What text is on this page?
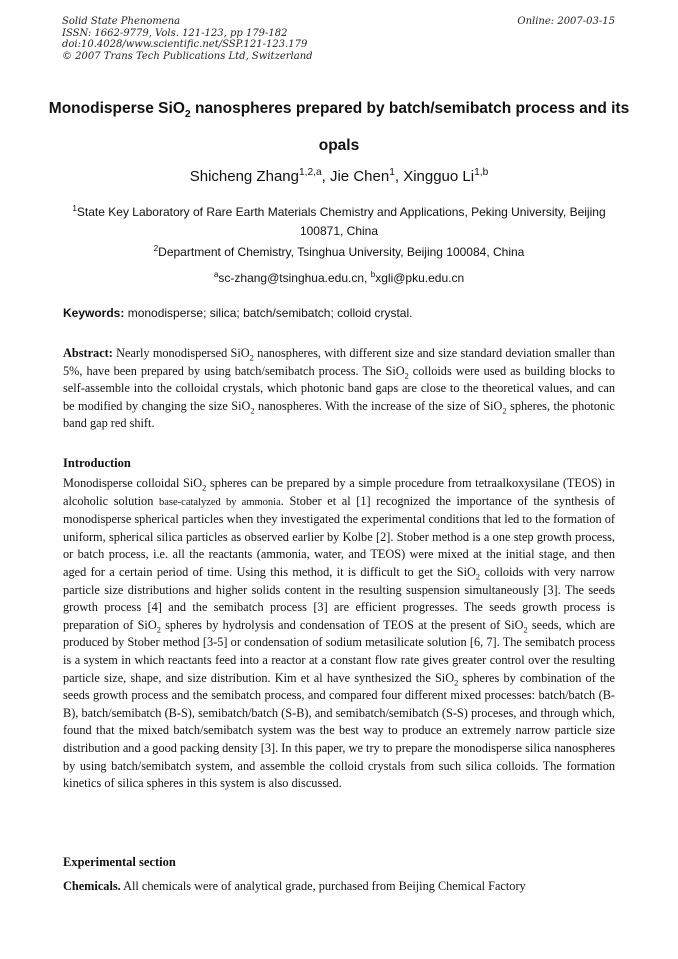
Solid State Phenomena
ISSN: 1662-9779, Vols. 121-123, pp 179-182
doi:10.4028/www.scientific.net/SSP.121-123.179
© 2007 Trans Tech Publications Ltd, Switzerland
Online: 2007-03-15
Monodisperse SiO$_2$ nanospheres prepared by batch/semibatch process and its opals
Shicheng Zhang$^{1,2,a}$, Jie Chen$^1$, Xingguo Li$^{1,b}$
$^1$State Key Laboratory of Rare Earth Materials Chemistry and Applications, Peking University, Beijing 100871, China
$^2$Department of Chemistry, Tsinghua University, Beijing 100084, China
$^a$sc-zhang@tsinghua.edu.cn, $^b$xgli@pku.edu.cn
Keywords: monodisperse; silica; batch/semibatch; colloid crystal.
Abstract: Nearly monodispersed SiO$_2$ nanospheres, with different size and size standard deviation smaller than 5%, have been prepared by using batch/semibatch process. The SiO$_2$ colloids were used as building blocks to self-assemble into the colloidal crystals, which photonic band gaps are close to the theoretical values, and can be modified by changing the size SiO$_2$ nanospheres. With the increase of the size of SiO$_2$ spheres, the photonic band gap red shift.
Introduction
Monodisperse colloidal SiO$_2$ spheres can be prepared by a simple procedure from tetraalkoxysilane (TEOS) in alcoholic solution base-catalyzed by ammonia. Stober et al [1] recognized the importance of the synthesis of monodisperse spherical particles when they investigated the experimental conditions that led to the formation of uniform, spherical silica particles as observed earlier by Kolbe [2]. Stober method is a one step growth process, or batch process, i.e. all the reactants (ammonia, water, and TEOS) were mixed at the initial stage, and then aged for a certain period of time. Using this method, it is difficult to get the SiO$_2$ colloids with very narrow particle size distributions and higher solids content in the resulting suspension simultaneously [3]. The seeds growth process [4] and the semibatch process [3] are efficient progresses. The seeds growth process is preparation of SiO$_2$ spheres by hydrolysis and condensation of TEOS at the present of SiO$_2$ seeds, which are produced by Stober method [3-5] or condensation of sodium metasilicate solution [6, 7]. The semibatch process is a system in which reactants feed into a reactor at a constant flow rate gives greater control over the resulting particle size, shape, and size distribution. Kim et al have synthesized the SiO$_2$ spheres by combination of the seeds growth process and the semibatch process, and compared four different mixed processes: batch/batch (B-B), batch/semibatch (B-S), semibatch/batch (S-B), and semibatch/semibatch (S-S) proceses, and through which, found that the mixed batch/semibatch system was the best way to produce an extremely narrow particle size distribution and a good packing density [3]. In this paper, we try to prepare the monodisperse silica nanospheres by using batch/semibatch system, and assemble the colloid crystals from such silica colloids. The formation kinetics of silica spheres in this system is also discussed.
Experimental section
Chemicals. All chemicals were of analytical grade, purchased from Beijing Chemical Factory
